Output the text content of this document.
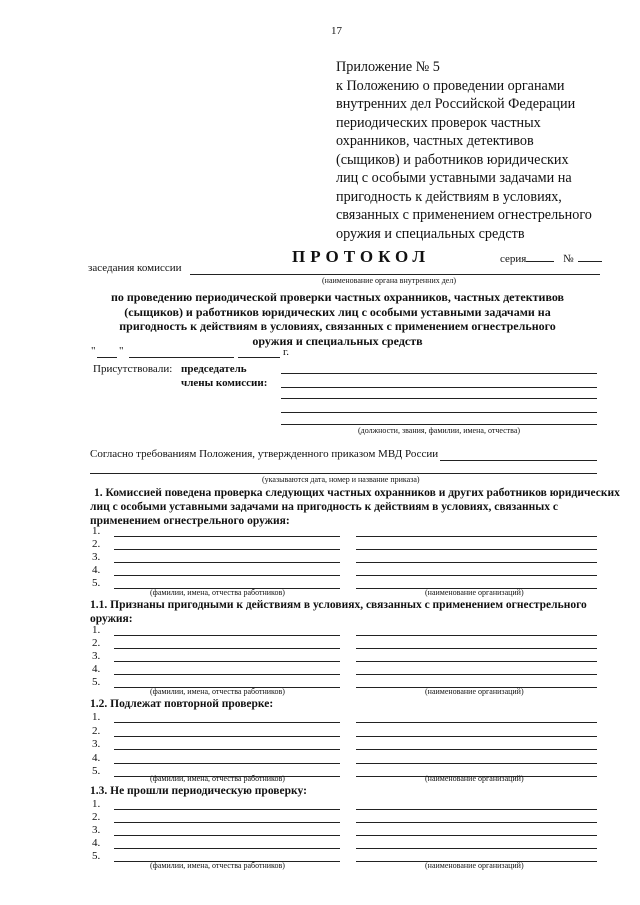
17
Приложение № 5
к Положению о проведении органами
внутренних дел Российской Федерации
периодических проверок частных
охранников, частных детективов
(сыщиков) и работников юридических
лиц с особыми уставными задачами на
пригодность к действиям в условиях,
связанных с применением огнестрельного
оружия и специальных средств
ПРОТОКОЛ	серия	№
заседания комиссии
(наименование органа внутренних дел)
по проведению периодической проверки частных охранников, частных детективов
(сыщиков) и работников юридических лиц с особыми уставными задачами на
пригодность к действиям в условиях, связанных с применением огнестрельного
оружия и специальных средств
" "	г.
Присутствовали: председатель
члены комиссии:
(должности, звания, фамилии, имена, отчества)
Согласно требованиям Положения, утвержденного приказом МВД России
(указываются дата, номер и название приказа)
1. Комиссией поведена проверка следующих частных охранников и других работников юридических
лиц с особыми уставными задачами на пригодность к действиям в условиях, связанных с
применением огнестрельного оружия:
1.
2.
3.
4.
5.
(фамилии, имена, отчества работников)	(наименование организаций)
1.1. Признаны пригодными к действиям в условиях, связанных с применением огнестрельного
оружия:
1.
2.
3.
4.
5.
(фамилии, имена, отчества работников)	(наименование организаций)
1.2. Подлежат повторной проверке:
1.
2.
3.
4.
5.
(фамилии, имена, отчества работников)	(наименование организаций)
1.3. Не прошли периодическую проверку:
1.
2.
3.
4.
5.
(фамилии, имена, отчества работников)	(наименование организаций)
